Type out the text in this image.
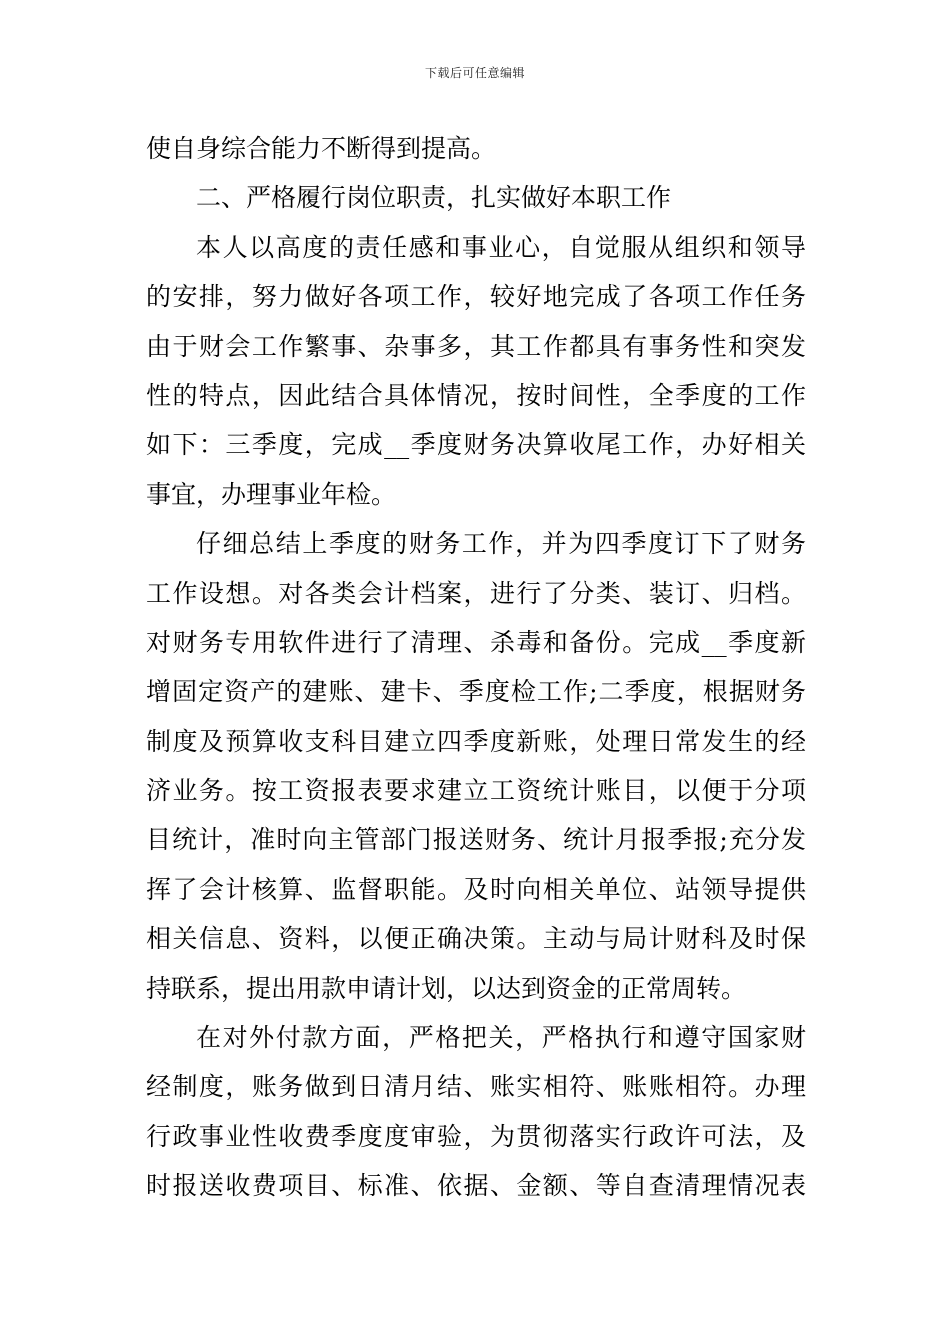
下载后可任意编辑
使自身综合能力不断得到提高。
二、严格履行岗位职责，扎实做好本职工作
本人以高度的责任感和事业心，自觉服从组织和领导
的安排，努力做好各项工作，较好地完成了各项工作任务
由于财会工作繁事、杂事多，其工作都具有事务性和突发
性的特点，因此结合具体情况，按时间性，全季度的工作
如下：三季度，完成__季度财务决算收尾工作，办好相关
事宜，办理事业年检。
仔细总结上季度的财务工作，并为四季度订下了财务
工作设想。对各类会计档案，进行了分类、装订、归档。
对财务专用软件进行了清理、杀毒和备份。完成__季度新
增固定资产的建账、建卡、季度检工作;二季度，根据财务
制度及预算收支科目建立四季度新账，处理日常发生的经
济业务。按工资报表要求建立工资统计账目，以便于分项
目统计，准时向主管部门报送财务、统计月报季报;充分发
挥了会计核算、监督职能。及时向相关单位、站领导提供
相关信息、资料，以便正确决策。主动与局计财科及时保
持联系，提出用款申请计划，以达到资金的正常周转。
在对外付款方面，严格把关，严格执行和遵守国家财
经制度，账务做到日清月结、账实相符、账账相符。办理
行政事业性收费季度度审验，为贯彻落实行政许可法，及
时报送收费项目、标准、依据、金额、等自查清理情况表
